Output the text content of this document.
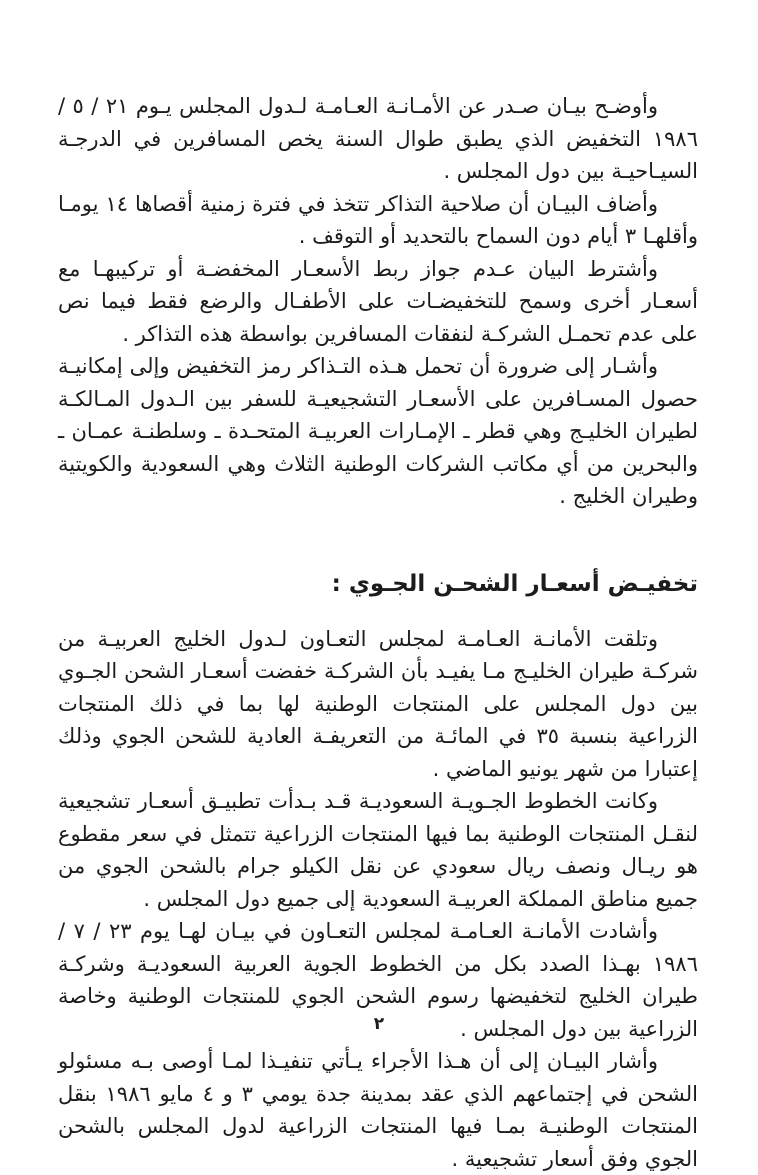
وأوضـح بيـان صـدر عن الأمـانـة العـامـة لـدول المجلس يـوم ٢١ / ٥ / ١٩٨٦ التخفيض الذي يطبق طوال السنة يخص المسافرين في الدرجـة السيـاحيـة بين دول المجلس .

وأضاف البيـان أن صلاحية التذاكر تتخذ في فترة زمنية أقصاها ١٤ يومـا وأقلهـا ٣ أيام دون السماح بالتحديد أو التوقف .

وأشترط البيان عـدم جواز ربط الأسعـار المخفضـة أو تركيبهـا مع أسعـار أخرى وسمح للتخفيضـات على الأطفـال والرضع فقط فيما نص على عدم تحمـل الشركـة لنفقات المسافرين بواسطة هذه التذاكر .

وأشـار إلى ضرورة أن تحمل هـذه التـذاكر رمز التخفيض وإلى إمكانيـة حصول المسـافرين على الأسعـار التشجيعيـة للسفر بين الـدول المـالكـة لطيران الخليـج وهي قطر ـ الإمـارات العربيـة المتحـدة ـ وسلطنـة عمـان ـ والبحرين من أي مكاتب الشركات الوطنية الثلاث وهي السعودية والكويتية وطيران الخليج .

تخفيـض أسعـار الشحـن الجـوي :

وتلقت الأمانـة العـامـة لمجلس التعـاون لـدول الخليج العربيـة من شركـة طيران الخليـج مـا يفيـد بأن الشركـة خفضت أسعـار الشحن الجـوي بين دول المجلس على المنتجات الوطنية لها بما في ذلك المنتجات الزراعية بنسبة ٣٥ في المائـة من التعريفـة العادية للشحن الجوي وذلك إعتبارا من شهر يونيو الماضي .

وكانت الخطوط الجـويـة السعوديـة قـد بـدأت تطبيـق أسعـار تشجيعية لنقـل المنتجات الوطنية بما فيها المنتجات الزراعية تتمثل في سعر مقطوع هو ريـال ونصف ريال سعودي عن نقل الكيلو جرام بالشحن الجوي من جميع مناطق المملكة العربيـة السعودية إلى جميع دول المجلس .

وأشادت الأمانـة العـامـة لمجلس التعـاون في بيـان لهـا يوم ٢٣ / ٧ / ١٩٨٦ بهـذا الصدد بكل من الخطوط الجوية العربية السعوديـة وشركـة طيران الخليج لتخفيضها رسوم الشحن الجوي للمنتجات الوطنية وخاصة الزراعية بين دول المجلس .

وأشار البيـان إلى أن هـذا الأجراء يـأتي تنفيـذا لمـا أوصى بـه مسئولو الشحن في إجتماعهم الذي عقد بمدينة جدة يومي ٣ و ٤ مايو ١٩٨٦ بنقل المنتجات الوطنيـة بمـا فيها المنتجات الزراعية لدول المجلس بالشحن الجوي وفق أسعار تشجيعية .

٢
